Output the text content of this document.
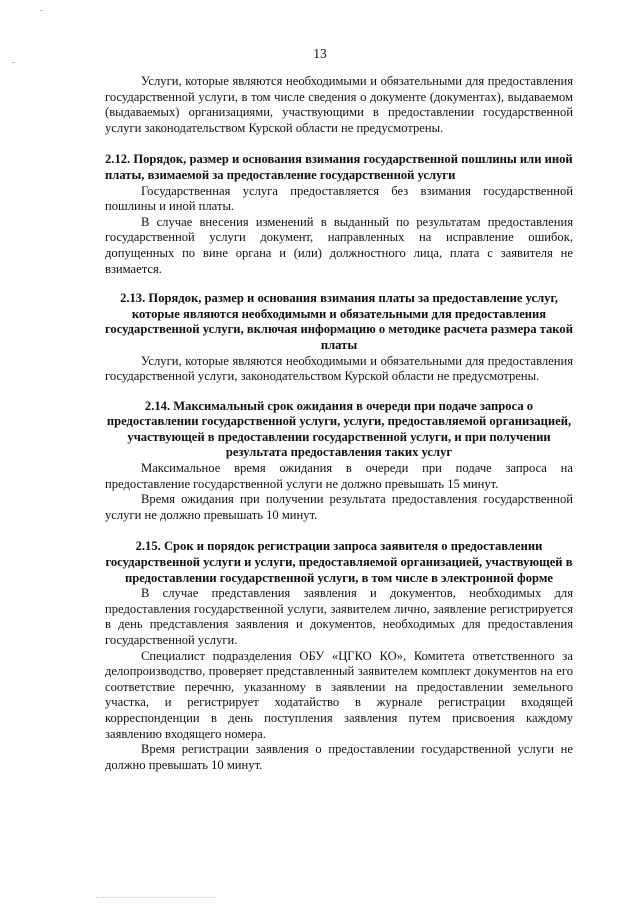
13

Услуги, которые являются необходимыми и обязательными для предоставления государственной услуги, в том числе сведения о документе (документах), выдаваемом (выдаваемых) организациями, участвующими в предоставлении государственной услуги законодательством Курской области не предусмотрены.

2.12. Порядок, размер и основания взимания государственной пошлины или иной платы, взимаемой за предоставление государственной услуги

Государственная услуга предоставляется без взимания государственной пошлины и иной платы.

В случае внесения изменений в выданный по результатам предоставления государственной услуги документ, направленных на исправление ошибок, допущенных по вине органа и (или) должностного лица, плата с заявителя не взимается.

2.13. Порядок, размер и основания взимания платы за предоставление услуг, которые являются необходимыми и обязательными для предоставления государственной услуги, включая информацию о методике расчета размера такой платы

Услуги, которые являются необходимыми и обязательными для предоставления государственной услуги, законодательством Курской области не предусмотрены.

2.14. Максимальный срок ожидания в очереди при подаче запроса о предоставлении государственной услуги, услуги, предоставляемой организацией, участвующей в предоставлении государственной услуги, и при получении результата предоставления таких услуг

Максимальное время ожидания в очереди при подаче запроса на предоставление государственной услуги не должно превышать 15 минут.

Время ожидания при получении результата предоставления государственной услуги не должно превышать 10 минут.

2.15. Срок и порядок регистрации запроса заявителя о предоставлении государственной услуги и услуги, предоставляемой организацией, участвующей в предоставлении государственной услуги, в том числе в электронной форме

В случае представления заявления и документов, необходимых для предоставления государственной услуги, заявителем лично, заявление регистрируется в день представления заявления и документов, необходимых для предоставления государственной услуги.

Специалист подразделения ОБУ «ЦГКО КО», Комитета ответственного за делопроизводство, проверяет представленный заявителем комплект документов на его соответствие перечню, указанному в заявлении на предоставлении земельного участка, и регистрирует ходатайство в журнале регистрации входящей корреспонденции в день поступления заявления путем присвоения каждому заявлению входящего номера.

Время регистрации заявления о предоставлении государственной услуги не должно превышать 10 минут.
